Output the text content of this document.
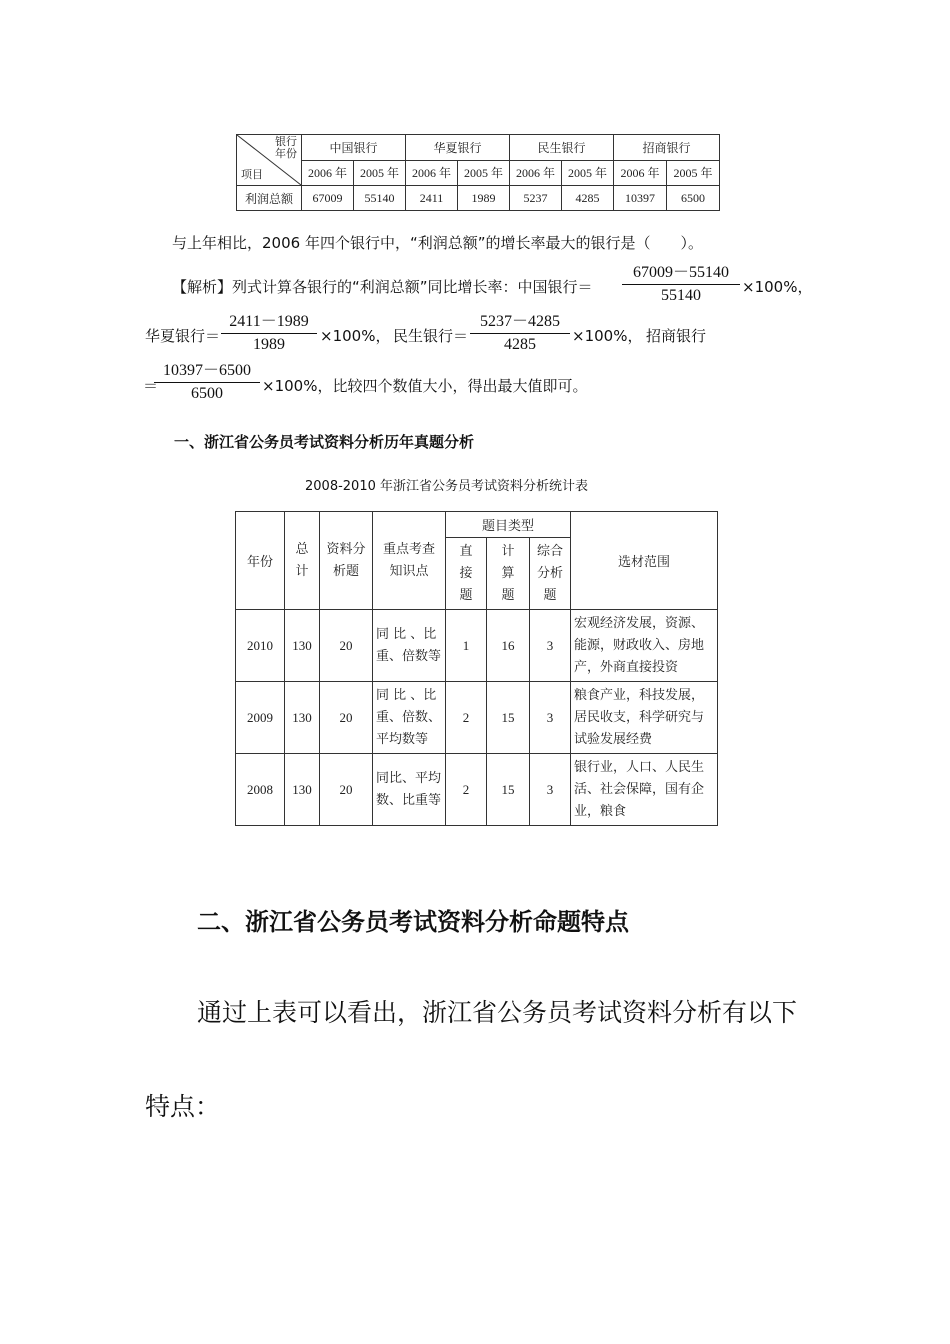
银行
年份
项目	中国银行		华夏银行		民生银行		招商银行	
	2006 年	2005 年	2006 年	2005 年	2006 年	2005 年	2006 年	2005 年
利润总额	67009	55140	2411	1989	5237	4285	10397	6500
与上年相比，2006 年四个银行中，“利润总额”的增长率最大的银行是（　　）。
【解析】列式计算各银行的“利润总额”同比增长率：中国银行＝ $\frac{67009-55140}{55140} \times 100\%$，
华夏银行＝ $\frac{2411-1989}{1989} \times 100\%$， 民生银行＝ $\frac{5237-4285}{4285} \times 100\%$， 招商银行
＝
$\frac{10397-6500}{6500} \times 100\%$，比较四个数值大小，得出最大值即可。
一、浙江省公务员考试资料分析历年真题分析
2008-2010 年浙江省公务员考试资料分析统计表
年份	总计	资料分析题	重点考查知识点	题目类型			选材范围
				直接题	计算题	综合分析题	
2010	130	20	同 比 、比重、倍数等	1	16	3	宏观经济发展，资源、能源，财政收入、房地产，外商直接投资
2009	130	20	同 比 、比重、倍数、平均数等	2	15	3	粮食产业，科技发展，居民收支，科学研究与试验发展经费
2008	130	20	同比、平均数、比重等	2	15	3	银行业，人口、人民生活、社会保障，国有企业，粮食
二、浙江省公务员考试资料分析命题特点
通过上表可以看出，浙江省公务员考试资料分析有以下
特点：
